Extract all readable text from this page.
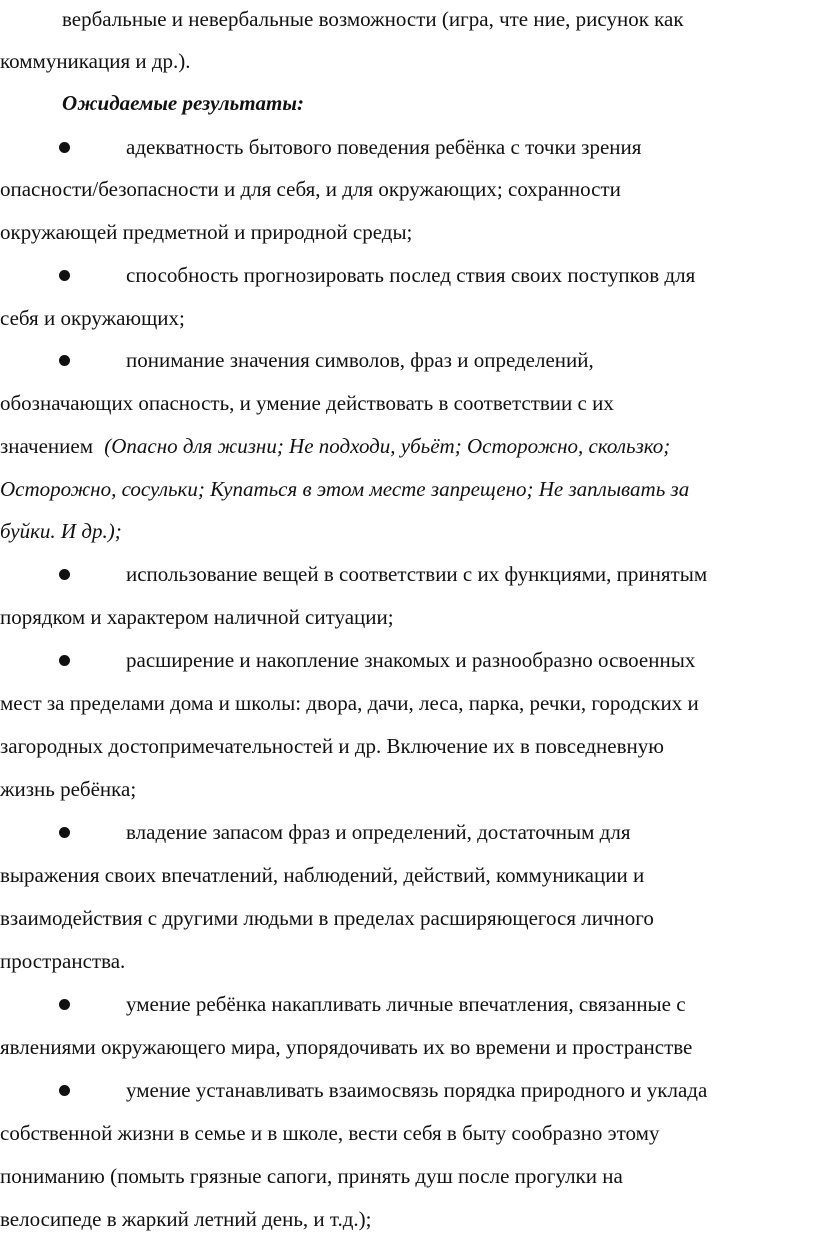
вербальные и невербальные возможности (игра, чте ние, рисунок как
коммуникация и др.).
Ожидаемые результаты:
адекватность бытового поведения ребёнка с точки зрения
опасности/безопасности и для себя, и для окружающих; сохранности
окружающей предметной и природной среды;
способность прогнозировать послед ствия своих поступков для
себя и окружающих;
понимание значения символов, фраз и определений,
обозначающих опасность, и умение действовать в соответствии с их
значением (Опасно для жизни; Не подходи, убьёт; Осторожно, скользко;
Осторожно, сосульки; Купаться в этом месте запрещено; Не заплывать за
буйки. И др.);
использование вещей в соответствии с их функциями, принятым
порядком и характером наличной ситуации;
расширение и накопление знакомых и разнообразно освоенных
мест за пределами дома и школы: двора, дачи, леса, парка, речки, городских и
загородных достопримечательностей и др. Включение их в повседневную
жизнь ребёнка;
владение запасом фраз и определений, достаточным для
выражения своих впечатлений, наблюдений, действий, коммуникации и
взаимодействия с другими людьми в пределах расширяющегося личного
пространства.
умение ребёнка накапливать личные впечатления, связанные с
явлениями окружающего мира, упорядочивать их во времени и пространстве
умение устанавливать взаимосвязь порядка природного и уклада
собственной жизни в семье и в школе, вести себя в быту сообразно этому
пониманию (помыть грязные сапоги, принять душ после прогулки на
велосипеде в жаркий летний день, и т.д.);
